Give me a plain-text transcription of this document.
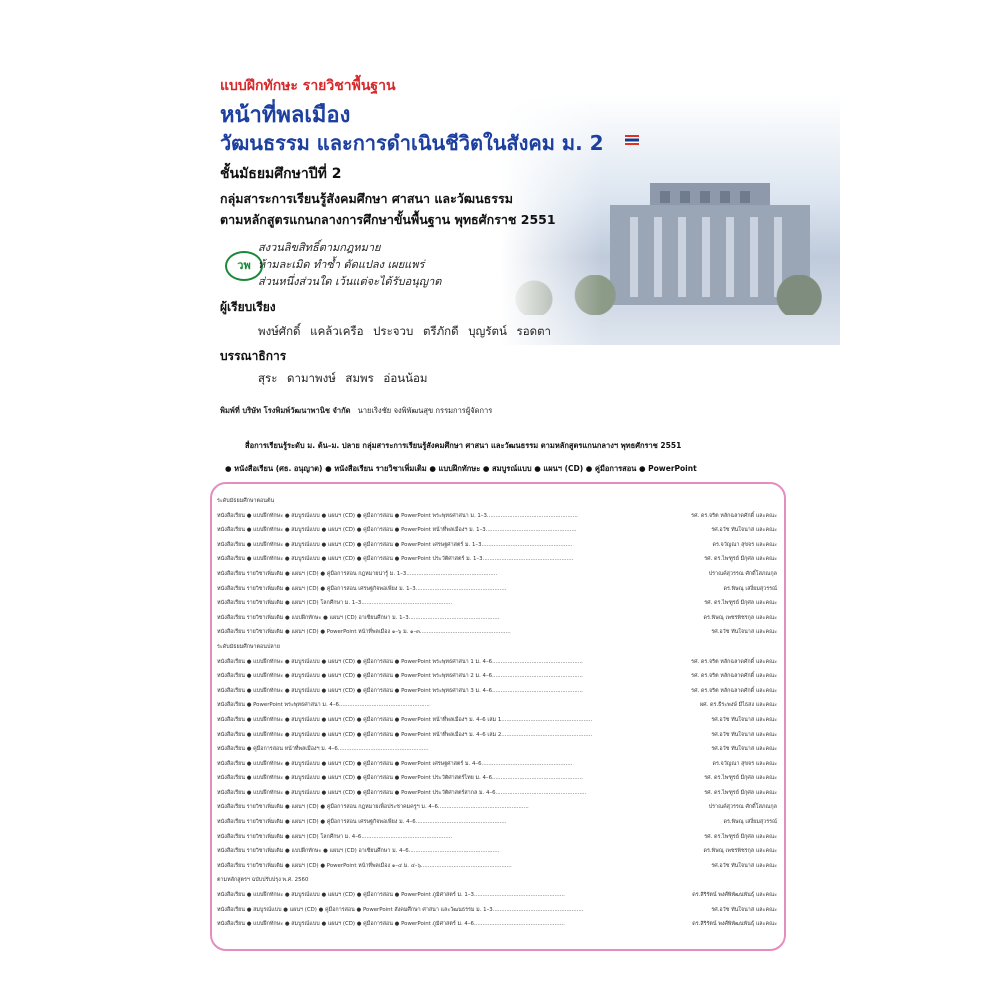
แบบฝึกทักษะ รายวิชาพื้นฐาน
หน้าที่พลเมือง
วัฒนธรรม และการดำเนินชีวิตในสังคม ม. 2
ชั้นมัธยมศึกษาปีที่ 2
กลุ่มสาระการเรียนรู้สังคมศึกษา ศาสนา และวัฒนธรรม
ตามหลักสูตรแกนกลางการศึกษาขั้นพื้นฐาน พุทธศักราช 2551
วพ
สงวนลิขสิทธิ์ตามกฎหมาย
ห้ามละเมิด ทำซ้ำ ดัดแปลง เผยแพร่
ส่วนหนึ่งส่วนใด เว้นแต่จะได้รับอนุญาต
ผู้เรียบเรียง
พงษ์ศักดิ์ แคล้วเครือ ประจวบ ตรีภักดี บุญรัตน์ รอดตา
บรรณาธิการ
สุระ ดามาพงษ์ สมพร อ่อนน้อม
พิมพ์ที่ บริษัท โรงพิมพ์วัฒนาพานิช จำกัด นายเริงชัย จงพิพัฒนสุข กรรมการผู้จัดการ
สื่อการเรียนรู้ระดับ ม. ต้น–ม. ปลาย กลุ่มสาระการเรียนรู้สังคมศึกษา ศาสนา และวัฒนธรรม ตามหลักสูตรแกนกลางฯ พุทธศักราช 2551
● หนังสือเรียน (ศธ. อนุญาต) ● หนังสือเรียน รายวิชาเพิ่มเติม ● แบบฝึกทักษะ ● สมบูรณ์แบบ ● แผนฯ (CD) ● คู่มือการสอน ● PowerPoint
ระดับมัธยมศึกษาตอนต้น
หนังสือเรียน ● แบบฝึกทักษะ ● สมบูรณ์แบบ ● แผนฯ (CD) ● คู่มือการสอน ● PowerPoint พระพุทธศาสนา ม. 1–3.....................................................	รศ. ดร.จริต หลักฉลาดศักดิ์ และคณะ
หนังสือเรียน ● แบบฝึกทักษะ ● สมบูรณ์แบบ ● แผนฯ (CD) ● คู่มือการสอน ● PowerPoint หน้าที่พลเมืองฯ ม. 1–3.....................................................	รศ.อวัช ทันใจนาส และคณะ
หนังสือเรียน ● แบบฝึกทักษะ ● สมบูรณ์แบบ ● แผนฯ (CD) ● คู่มือการสอน ● PowerPoint เศรษฐศาสตร์ ม. 1–3.....................................................	ดร.จวัญณา สุขจร และคณะ
หนังสือเรียน ● แบบฝึกทักษะ ● สมบูรณ์แบบ ● แผนฯ (CD) ● คู่มือการสอน ● PowerPoint ประวัติศาสตร์ ม. 1–3.....................................................	รศ. ดร.ไพฑูรย์ มีกุศล และคณะ
หนังสือเรียน รายวิชาเพิ่มเติม ● แผนฯ (CD) ● คู่มือการสอน กฎหมายน่ารู้ ม. 1–3.....................................................	ปราณค์สุวรรณ ศักดิ์โสภณกุล
หนังสือเรียน รายวิชาเพิ่มเติม ● แผนฯ (CD) ● คู่มือการสอน เศรษฐกิจพอเพียง ม. 1–3.....................................................	ดร.พิษณุ เสงี่ยมสุวรรณ์
หนังสือเรียน รายวิชาเพิ่มเติม ● แผนฯ (CD) โลกศึกษา ม. 1–3.....................................................	รศ. ดร.ไพฑูรย์ มีกุศล และคณะ
หนังสือเรียน รายวิชาเพิ่มเติม ● แบบฝึกทักษะ ● แผนฯ (CD) อาเซียนศึกษา ม. 1–3.....................................................	ดร.พิษณุ เพชรพิชรกุล และคณะ
หนังสือเรียน รายวิชาเพิ่มเติม ● แผนฯ (CD) ● PowerPoint หน้าที่พลเมือง ๑–๖ ม. ๑–๓.....................................................	รศ.อวัช ทันใจนาส และคณะ
ระดับมัธยมศึกษาตอนปลาย
หนังสือเรียน ● แบบฝึกทักษะ ● สมบูรณ์แบบ ● แผนฯ (CD) ● คู่มือการสอน ● PowerPoint พระพุทธศาสนา 1 ม. 4–6.....................................................	รศ. ดร.จริต หลักฉลาดศักดิ์ และคณะ
หนังสือเรียน ● แบบฝึกทักษะ ● สมบูรณ์แบบ ● แผนฯ (CD) ● คู่มือการสอน ● PowerPoint พระพุทธศาสนา 2 ม. 4–6.....................................................	รศ. ดร.จริต หลักฉลาดศักดิ์ และคณะ
หนังสือเรียน ● แบบฝึกทักษะ ● สมบูรณ์แบบ ● แผนฯ (CD) ● คู่มือการสอน ● PowerPoint พระพุทธศาสนา 3 ม. 4–6.....................................................	รศ. ดร.จริต หลักฉลาดศักดิ์ และคณะ
หนังสือเรียน ● PowerPoint พระพุทธศาสนา ม. 4–6.....................................................	ผศ. ดร.ธีระพงษ์ มีไธสง และคณะ
หนังสือเรียน ● แบบฝึกทักษะ ● สมบูรณ์แบบ ● แผนฯ (CD) ● คู่มือการสอน ● PowerPoint หน้าที่พลเมืองฯ ม. 4–6 เล่ม 1.....................................................	รศ.อวัช ทันใจนาส และคณะ
หนังสือเรียน ● แบบฝึกทักษะ ● สมบูรณ์แบบ ● แผนฯ (CD) ● คู่มือการสอน ● PowerPoint หน้าที่พลเมืองฯ ม. 4–6 เล่ม 2.....................................................	รศ.อวัช ทันใจนาส และคณะ
หนังสือเรียน ● คู่มือการสอน หน้าที่พลเมืองฯ ม. 4–6.....................................................	รศ.อวัช ทันใจนาส และคณะ
หนังสือเรียน ● แบบฝึกทักษะ ● สมบูรณ์แบบ ● แผนฯ (CD) ● คู่มือการสอน ● PowerPoint เศรษฐศาสตร์ ม. 4–6.....................................................	ดร.จวัญณา สุขจร และคณะ
หนังสือเรียน ● แบบฝึกทักษะ ● สมบูรณ์แบบ ● แผนฯ (CD) ● คู่มือการสอน ● PowerPoint ประวัติศาสตร์ไทย ม. 4–6.....................................................	รศ. ดร.ไพฑูรย์ มีกุศล และคณะ
หนังสือเรียน ● แบบฝึกทักษะ ● สมบูรณ์แบบ ● แผนฯ (CD) ● คู่มือการสอน ● PowerPoint ประวัติศาสตร์สากล ม. 4–6.....................................................	รศ. ดร.ไพฑูรย์ มีกุศล และคณะ
หนังสือเรียน รายวิชาเพิ่มเติม ● แผนฯ (CD) ● คู่มือการสอน กฎหมายเพื่อประชาคมครูฯ ม. 4–6.....................................................	ปราณค์สุวรรณ ศักดิ์โสภณกุล
หนังสือเรียน รายวิชาเพิ่มเติม ● แผนฯ (CD) ● คู่มือการสอน เศรษฐกิจพอเพียง ม. 4–6.....................................................	ดร.พิษณุ เสงี่ยมสุวรรณ์
หนังสือเรียน รายวิชาเพิ่มเติม ● แผนฯ (CD) โลกศึกษา ม. 4–6.....................................................	รศ. ดร.ไพฑูรย์ มีกุศล และคณะ
หนังสือเรียน รายวิชาเพิ่มเติม ● แบบฝึกทักษะ ● แผนฯ (CD) อาเซียนศึกษา ม. 4–6.....................................................	ดร.พิษณุ เพชรพิชรกุล และคณะ
หนังสือเรียน รายวิชาเพิ่มเติม ● แผนฯ (CD) ● PowerPoint หน้าที่พลเมือง ๑–๔ ม. ๔–๖.....................................................	รศ.อวัช ทันใจนาส และคณะ
ตามหลักสูตรฯ ฉบับปรับปรุง พ.ศ. 2560
หนังสือเรียน ● แบบฝึกทักษะ ● สมบูรณ์แบบ ● แผนฯ (CD) ● คู่มือการสอน ● PowerPoint ภูมิศาสตร์ ม. 1–3.....................................................	ดร.สิริรัตน์ พงศ์พิพัฒนพันธุ์ และคณะ
หนังสือเรียน ● สมบูรณ์แบบ ● แผนฯ (CD) ● คู่มือการสอน ● PowerPoint สังคมศึกษา ศาสนา และวัฒนธรรม ม. 1–3.....................................................	รศ.อวัช ทันใจนาส และคณะ
หนังสือเรียน ● แบบฝึกทักษะ ● สมบูรณ์แบบ ● แผนฯ (CD) ● คู่มือการสอน ● PowerPoint ภูมิศาสตร์ ม. 4–6.....................................................	ดร.สิริรัตน์ พงศ์พิพัฒนพันธุ์ และคณะ
